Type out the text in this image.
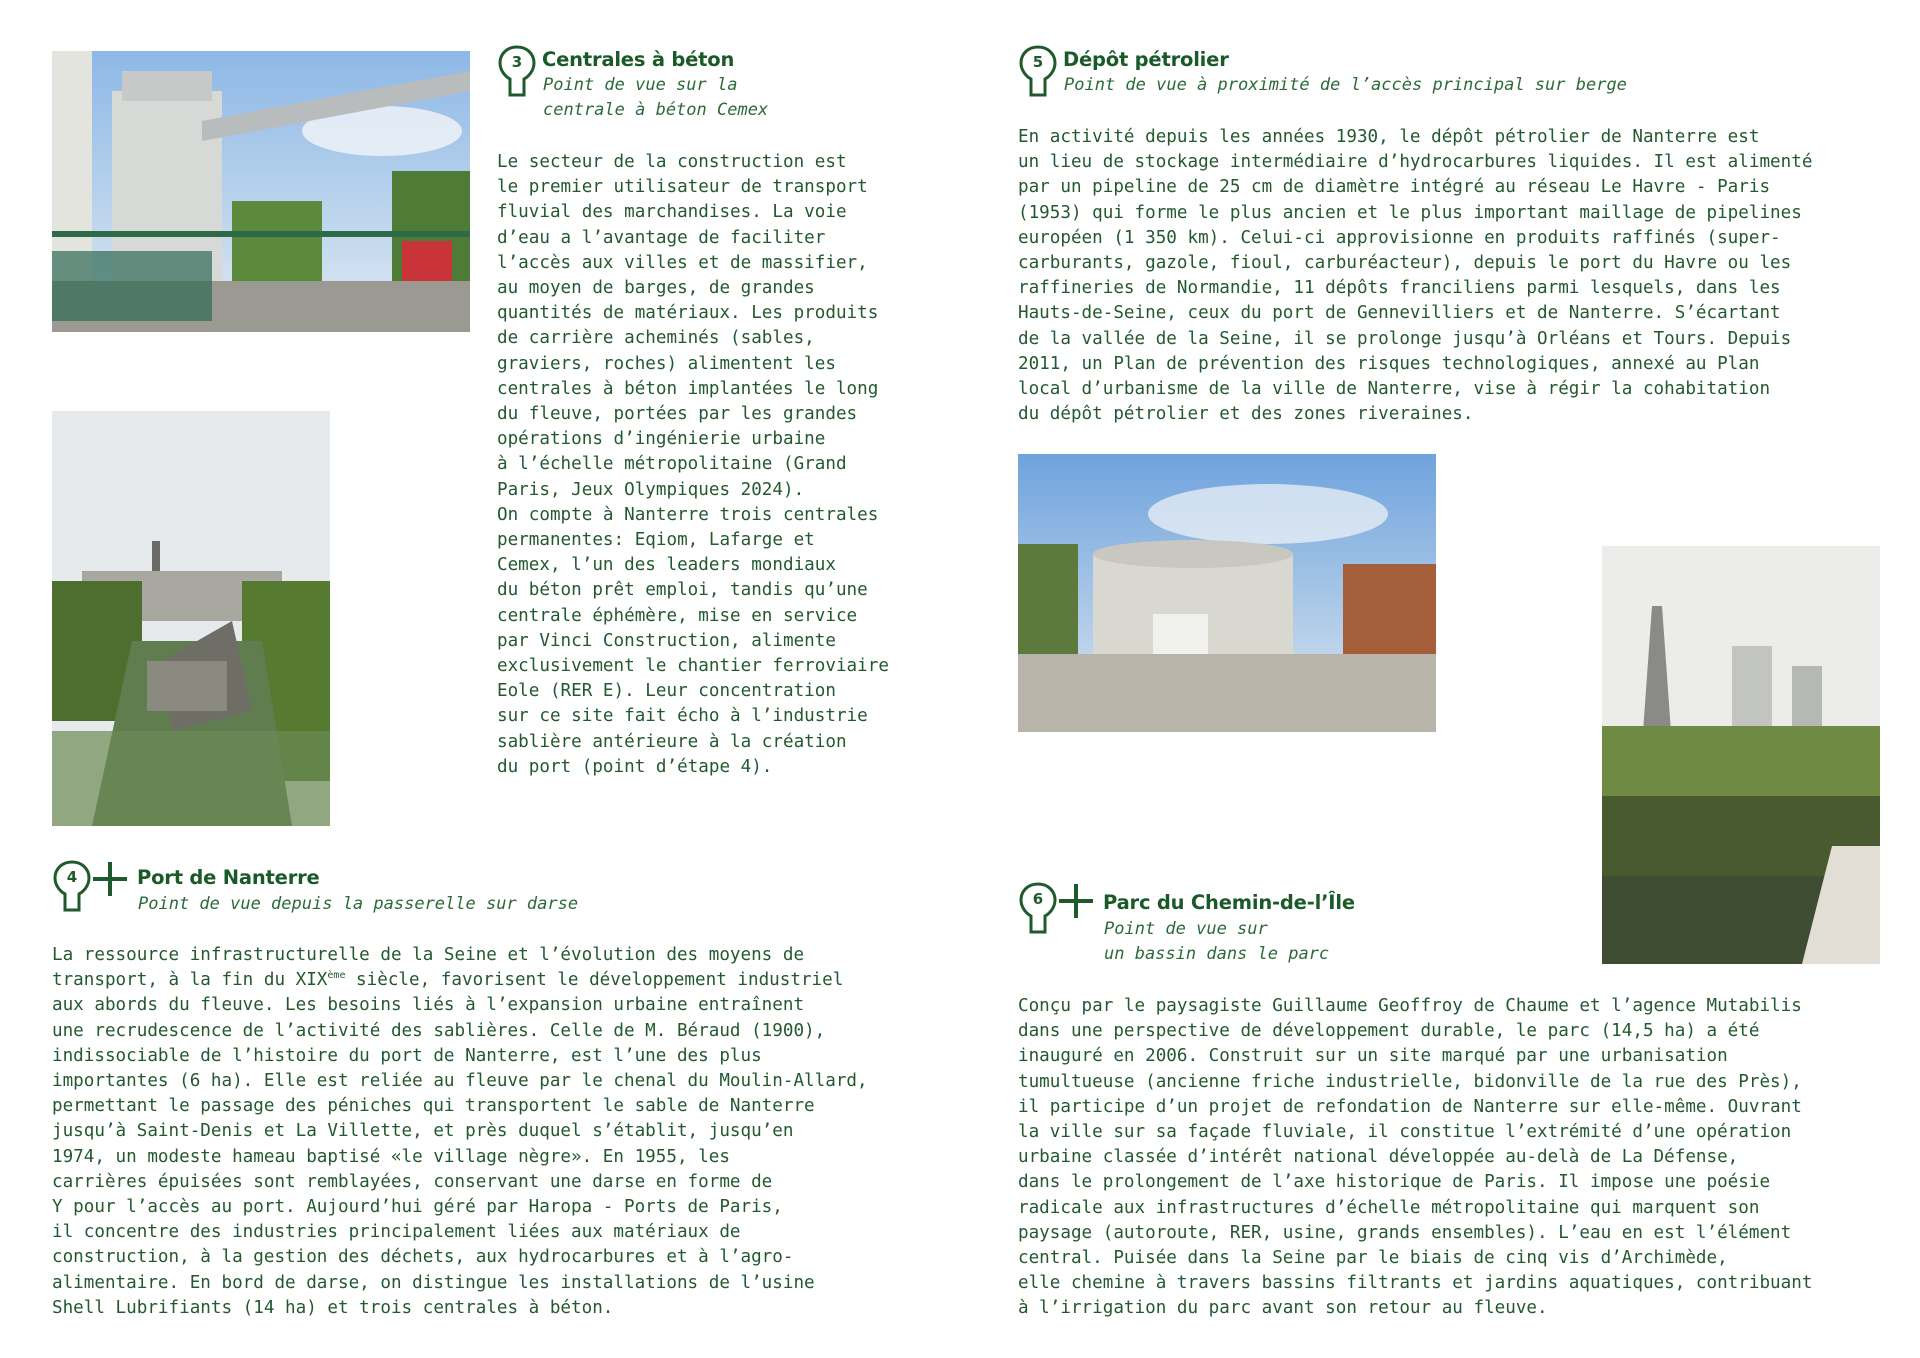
3	Centrales à béton
Point de vue sur la
centrale à béton Cemex
Le secteur de la construction est
le premier utilisateur de transport
fluvial des marchandises. La voie
d’eau a l’avantage de faciliter
l’accès aux villes et de massifier,
au moyen de barges, de grandes
quantités de matériaux. Les produits
de carrière acheminés (sables,
graviers, roches) alimentent les
centrales à béton implantées le long
du fleuve, portées par les grandes
opérations d’ingénierie urbaine
à l’échelle métropolitaine (Grand
Paris, Jeux Olympiques 2024).
On compte à Nanterre trois centrales
permanentes: Eqiom, Lafarge et
Cemex, l’un des leaders mondiaux
du béton prêt emploi, tandis qu’une
centrale éphémère, mise en service
par Vinci Construction, alimente
exclusivement le chantier ferroviaire
Eole (RER E). Leur concentration
sur ce site fait écho à l’industrie
sablière antérieure à la création
du port (point d’étape 4).
4	Port de Nanterre
Point de vue depuis la passerelle sur darse
La ressource infrastructurelle de la Seine et l’évolution des moyens de
transport, à la fin du XIXème siècle, favorisent le développement industriel
aux abords du fleuve. Les besoins liés à l’expansion urbaine entraînent
une recrudescence de l’activité des sablières. Celle de M. Béraud (1900),
indissociable de l’histoire du port de Nanterre, est l’une des plus
importantes (6 ha). Elle est reliée au fleuve par le chenal du Moulin-Allard,
permettant le passage des péniches qui transportent le sable de Nanterre
jusqu’à Saint-Denis et La Villette, et près duquel s’établit, jusqu’en
1974, un modeste hameau baptisé «le village nègre». En 1955, les
carrières épuisées sont remblayées, conservant une darse en forme de
Y pour l’accès au port. Aujourd’hui géré par Haropa - Ports de Paris,
il concentre des industries principalement liées aux matériaux de
construction, à la gestion des déchets, aux hydrocarbures et à l’agro-
alimentaire. En bord de darse, on distingue les installations de l’usine
Shell Lubrifiants (14 ha) et trois centrales à béton.
5	Dépôt pétrolier
Point de vue à proximité de l’accès principal sur berge
En activité depuis les années 1930, le dépôt pétrolier de Nanterre est
un lieu de stockage intermédiaire d’hydrocarbures liquides. Il est alimenté
par un pipeline de 25 cm de diamètre intégré au réseau Le Havre - Paris
(1953) qui forme le plus ancien et le plus important maillage de pipelines
européen (1 350 km). Celui-ci approvisionne en produits raffinés (super-
carburants, gazole, fioul, carburéacteur), depuis le port du Havre ou les
raffineries de Normandie, 11 dépôts franciliens parmi lesquels, dans les
Hauts-de-Seine, ceux du port de Gennevilliers et de Nanterre. S’écartant
de la vallée de la Seine, il se prolonge jusqu’à Orléans et Tours. Depuis
2011, un Plan de prévention des risques technologiques, annexé au Plan
local d’urbanisme de la ville de Nanterre, vise à régir la cohabitation
du dépôt pétrolier et des zones riveraines.
6	Parc du Chemin-de-l’Île
Point de vue sur
un bassin dans le parc
Conçu par le paysagiste Guillaume Geoffroy de Chaume et l’agence Mutabilis
dans une perspective de développement durable, le parc (14,5 ha) a été
inauguré en 2006. Construit sur un site marqué par une urbanisation
tumultueuse (ancienne friche industrielle, bidonville de la rue des Près),
il participe d’un projet de refondation de Nanterre sur elle-même. Ouvrant
la ville sur sa façade fluviale, il constitue l’extrémité d’une opération
urbaine classée d’intérêt national développée au-delà de La Défense,
dans le prolongement de l’axe historique de Paris. Il impose une poésie
radicale aux infrastructures d’échelle métropolitaine qui marquent son
paysage (autoroute, RER, usine, grands ensembles). L’eau en est l’élément
central. Puisée dans la Seine par le biais de cinq vis d’Archimède,
elle chemine à travers bassins filtrants et jardins aquatiques, contribuant
à l’irrigation du parc avant son retour au fleuve.
